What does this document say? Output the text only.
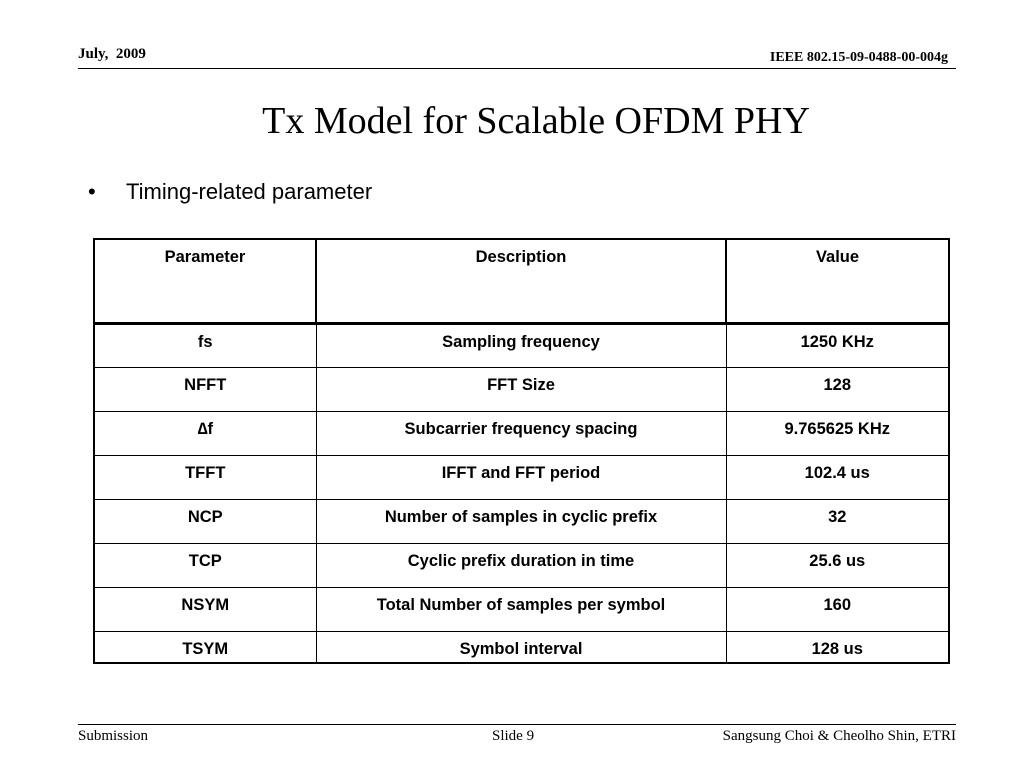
July,  2009	IEEE 802.15-09-0488-00-004g
Tx Model for Scalable OFDM PHY
•	Timing-related parameter
Parameter	Description	Value
fs	Sampling frequency	1250 KHz
NFFT	FFT Size	128
∆f	Subcarrier frequency spacing	9.765625 KHz
TFFT	IFFT and FFT period	102.4 us
NCP	Number of samples in cyclic prefix	32
TCP	Cyclic prefix duration in time	25.6 us
NSYM	Total Number of samples per symbol	160
TSYM	Symbol interval	128 us
Submission	Slide 9	Sangsung Choi & Cheolho Shin, ETRI
